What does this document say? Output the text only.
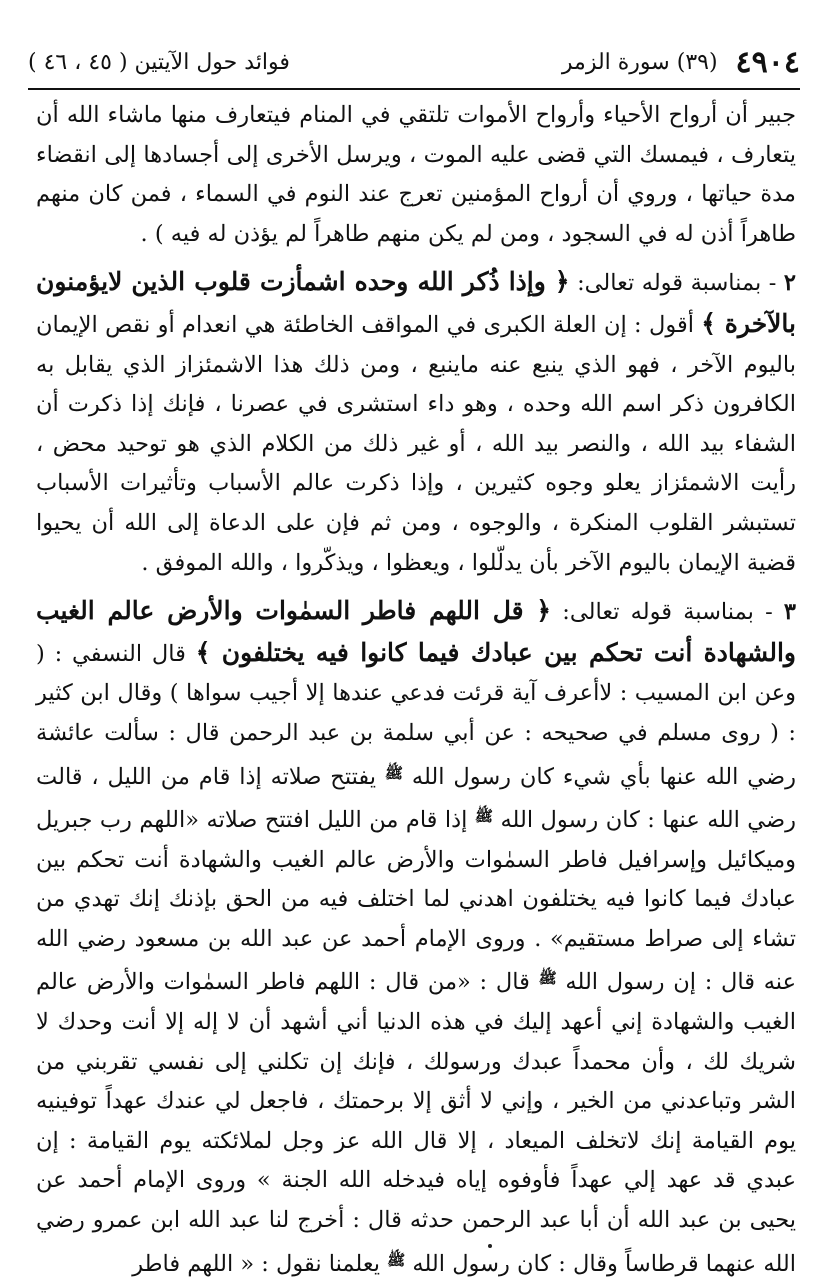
٤٩٠٤
(٣٩) سورة الزمر
فوائد حول الآيتين ( ٤٥ ، ٤٦ )

جبير أن أرواح الأحياء وأرواح الأموات تلتقي في المنام فيتعارف منها ماشاء الله أن يتعارف ، فيمسك التي قضى عليه الموت ، ويرسل الأخرى إلى أجسادها إلى انقضاء مدة حياتها ، وروي أن أرواح المؤمنين تعرج عند النوم في السماء ، فمن كان منهم طاهراً أذن له في السجود ، ومن لم يكن منهم طاهراً لم يؤذن له فيه ) .

٢ - بمناسبة قوله تعالى: ﴿ وإذا ذُكر الله وحده اشمأزت قلوب الذين لايؤمنون بالآخرة ﴾ أقول : إن العلة الكبرى في المواقف الخاطئة هي انعدام أو نقص الإيمان باليوم الآخر ، فهو الذي ينبع عنه ماينبع ، ومن ذلك هذا الاشمئزاز الذي يقابل به الكافرون ذكر اسم الله وحده ، وهو داء استشرى في عصرنا ، فإنك إذا ذكرت أن الشفاء بيد الله ، والنصر بيد الله ، أو غير ذلك من الكلام الذي هو توحيد محض ، رأيت الاشمئزاز يعلو وجوه كثيرين ، وإذا ذكرت عالم الأسباب وتأثيرات الأسباب تستبشر القلوب المنكرة ، والوجوه ، ومن ثم فإن على الدعاة إلى الله أن يحيوا قضية الإيمان باليوم الآخر بأن يدلّلوا ، ويعظوا ، ويذكّروا ، والله الموفق .

٣ - بمناسبة قوله تعالى: ﴿ قل اللهم فاطر السمٰوات والأرض عالم الغيب والشهادة أنت تحكم بين عبادك فيما كانوا فيه يختلفون ﴾ قال النسفي : ( وعن ابن المسيب : لاأعرف آية قرئت فدعي عندها إلا أجيب سواها ) وقال ابن كثير : ( روى مسلم في صحيحه : عن أبي سلمة بن عبد الرحمن قال : سألت عائشة رضي الله عنها بأي شيء كان رسول الله $^ﷺ$ يفتتح صلاته إذا قام من الليل ، قالت رضي الله عنها : كان رسول الله $^ﷺ$ إذا قام من الليل افتتح صلاته «اللهم رب جبريل وميكائيل وإسرافيل فاطر السمٰوات والأرض عالم الغيب والشهادة أنت تحكم بين عبادك فيما كانوا فيه يختلفون اهدني لما اختلف فيه من الحق بإذنك إنك تهدي من تشاء إلى صراط مستقيم» . وروى الإمام أحمد عن عبد الله بن مسعود رضي الله عنه قال : إن رسول الله $^ﷺ$ قال : «من قال : اللهم فاطر السمٰوات والأرض عالم الغيب والشهادة إني أعهد إليك في هذه الدنيا أني أشهد أن لا إله إلا أنت وحدك لا شريك لك ، وأن محمداً عبدك ورسولك ، فإنك إن تكلني إلى نفسي تقربني من الشر وتباعدني من الخير ، وإني لا أثق إلا برحمتك ، فاجعل لي عندك عهداً توفينيه يوم القيامة إنك لاتخلف الميعاد ، إلا قال الله عز وجل لملائكته يوم القيامة : إن عبدي قد عهد إلي عهداً فأوفوه إياه فيدخله الله الجنة » وروى الإمام أحمد عن يحيى بن عبد الله أن أبا عبد الرحمن حدثه قال : أخرج لنا عبد الله ابن عمرو رضي الله عنهما قرطاساً وقال : كان رسول الله $^ﷺ$ يعلمنا نقول : « اللهم فاطر
